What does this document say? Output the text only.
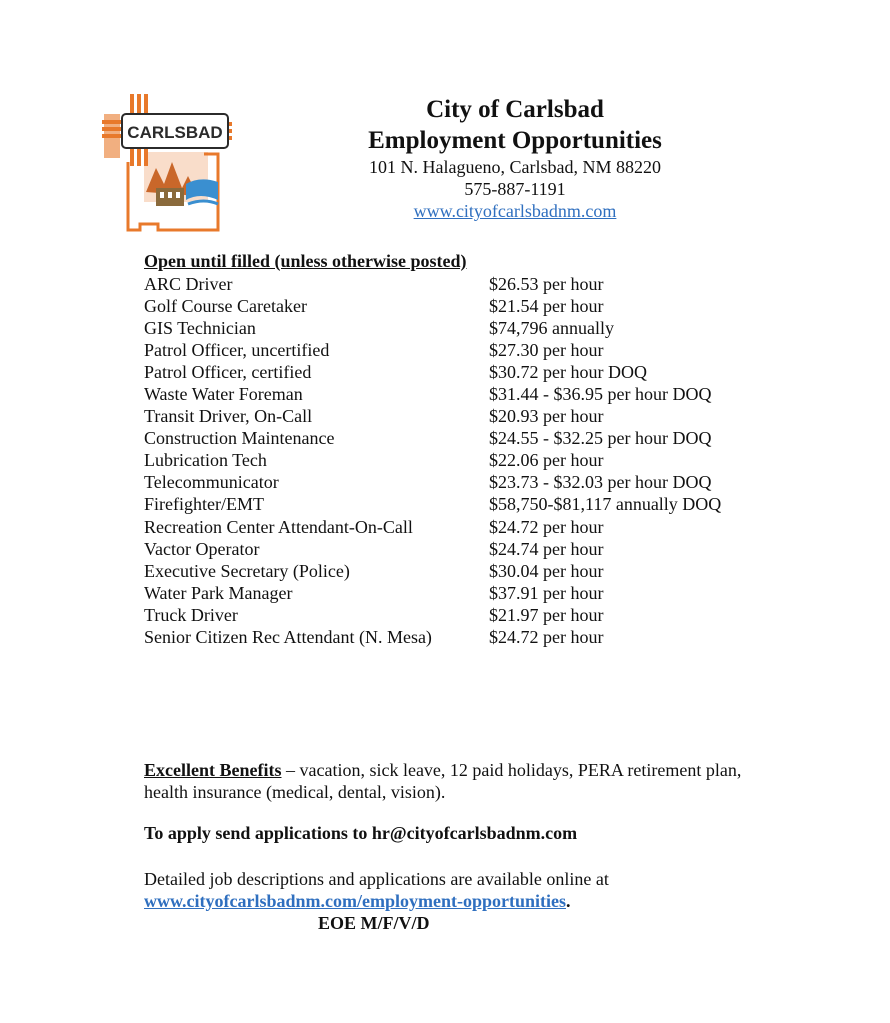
CARLSBAD
City of Carlsbad
Employment Opportunities
101 N. Halagueno, Carlsbad, NM 88220
575-887-1191
www.cityofcarlsbadnm.com
Open until filled (unless otherwise posted)
ARC Driver	$26.53 per hour
Golf Course Caretaker	$21.54 per hour
GIS Technician	$74,796 annually
Patrol Officer, uncertified	$27.30 per hour
Patrol Officer, certified	$30.72 per hour DOQ
Waste Water Foreman	$31.44 - $36.95 per hour DOQ
Transit Driver, On-Call	$20.93 per hour
Construction Maintenance	$24.55 - $32.25 per hour DOQ
Lubrication Tech	$22.06 per hour
Telecommunicator	$23.73 - $32.03 per hour DOQ
Firefighter/EMT	$58,750-$81,117 annually DOQ
Recreation Center Attendant-On-Call	$24.72 per hour
Vactor Operator	$24.74 per hour
Executive Secretary (Police)	$30.04 per hour
Water Park Manager	$37.91 per hour
Truck Driver	$21.97 per hour
Senior Citizen Rec Attendant (N. Mesa)	$24.72 per hour
Excellent Benefits – vacation, sick leave, 12 paid holidays, PERA retirement plan, health insurance (medical, dental, vision).
To apply send applications to hr@cityofcarlsbadnm.com
Detailed job descriptions and applications are available online at
www.cityofcarlsbadnm.com/employment-opportunities.
EOE M/F/V/D
